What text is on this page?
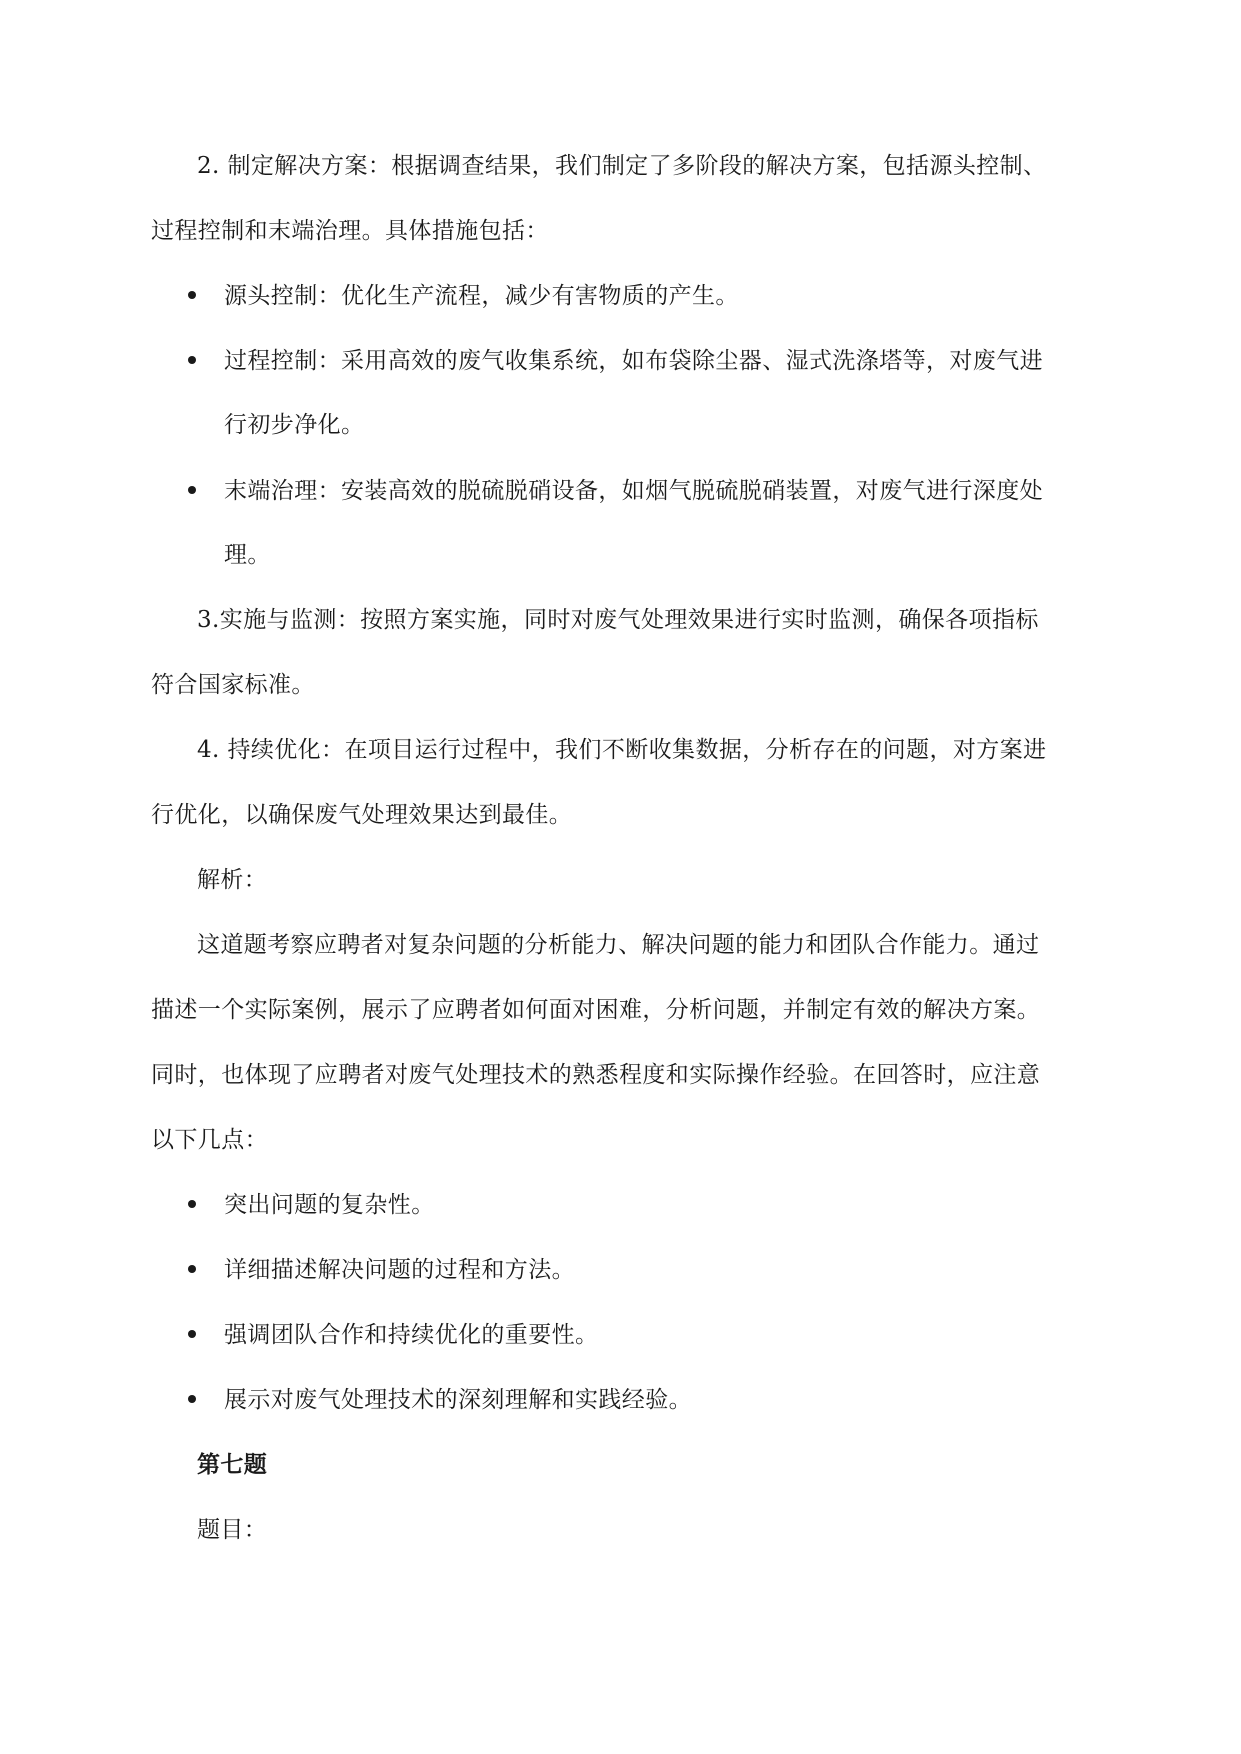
2. 制定解决方案：根据调查结果，我们制定了多阶段的解决方案，包括源头控制、
过程控制和末端治理。具体措施包括：
源头控制：优化生产流程，减少有害物质的产生。
过程控制：采用高效的废气收集系统，如布袋除尘器、湿式洗涤塔等，对废气进
行初步净化。
末端治理：安装高效的脱硫脱硝设备，如烟气脱硫脱硝装置，对废气进行深度处
理。
3.实施与监测：按照方案实施，同时对废气处理效果进行实时监测，确保各项指标
符合国家标准。
4. 持续优化：在项目运行过程中，我们不断收集数据，分析存在的问题，对方案进
行优化，以确保废气处理效果达到最佳。
解析：
这道题考察应聘者对复杂问题的分析能力、解决问题的能力和团队合作能力。通过
描述一个实际案例，展示了应聘者如何面对困难，分析问题，并制定有效的解决方案。
同时，也体现了应聘者对废气处理技术的熟悉程度和实际操作经验。在回答时，应注意
以下几点：
突出问题的复杂性。
详细描述解决问题的过程和方法。
强调团队合作和持续优化的重要性。
展示对废气处理技术的深刻理解和实践经验。
第七题
题目：
